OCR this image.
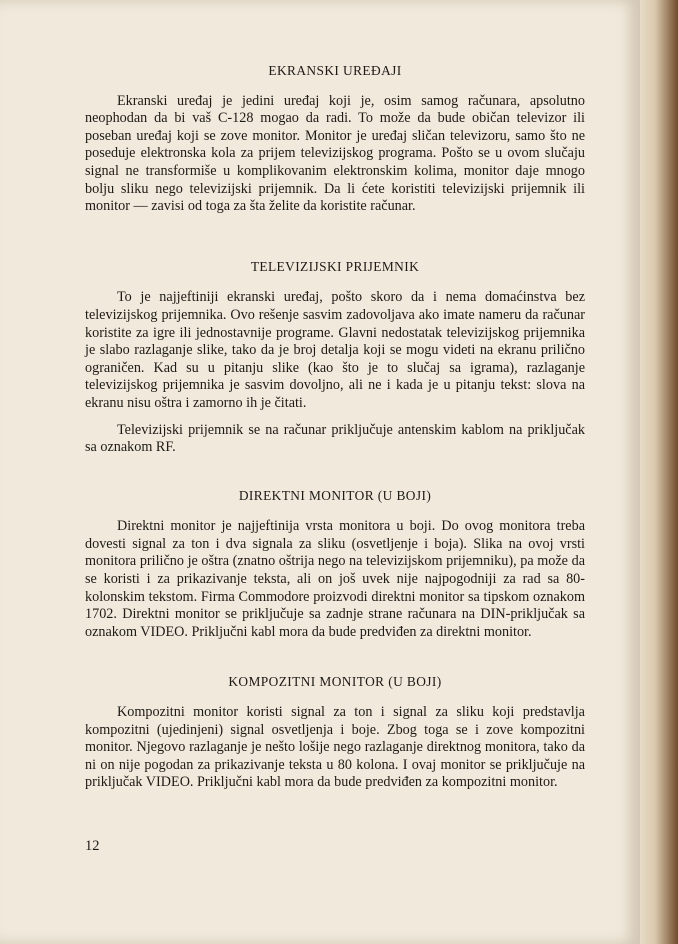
EKRANSKI UREĐAJI

Ekranski uređaj je jedini uređaj koji je, osim samog računara, apsolutno neophodan da bi vaš C-128 mogao da radi. To može da bude običan televizor ili poseban uređaj koji se zove monitor. Monitor je uređaj sličan televizoru, samo što ne poseduje elektronska kola za prijem televizijskog programa. Pošto se u ovom slučaju signal ne transformiše u komplikovanim elektronskim kolima, monitor daje mnogo bolju sliku nego televizijski prijemnik. Da li ćete koristiti televizijski prijemnik ili monitor — zavisi od toga za šta želite da koristite računar.

TELEVIZIJSKI PRIJEMNIK

To je najjeftiniji ekranski uređaj, pošto skoro da i nema domaćinstva bez televizijskog prijemnika. Ovo rešenje sasvim zadovoljava ako imate nameru da računar koristite za igre ili jednostavnije programe. Glavni nedostatak televizijskog prijemnika je slabo razlaganje slike, tako da je broj detalja koji se mogu videti na ekranu prilično ograničen. Kad su u pitanju slike (kao što je to slučaj sa igrama), razlaganje televizijskog prijemnika je sasvim dovoljno, ali ne i kada je u pitanju tekst: slova na ekranu nisu oštra i zamorno ih je čitati.

Televizijski prijemnik se na računar priključuje antenskim kablom na priključak sa oznakom RF.

DIREKTNI MONITOR (U BOJI)

Direktni monitor je najjeftinija vrsta monitora u boji. Do ovog monitora treba dovesti signal za ton i dva signala za sliku (osvetljenje i boja). Slika na ovoj vrsti monitora prilično je oštra (znatno oštrija nego na televizijskom prijemniku), pa može da se koristi i za prikazivanje teksta, ali on još uvek nije najpogodniji za rad sa 80-kolonskim tekstom. Firma Commodore proizvodi direktni monitor sa tipskom oznakom 1702. Direktni monitor se priključuje sa zadnje strane računara na DIN-priključak sa oznakom VIDEO. Priključni kabl mora da bude predviđen za direktni monitor.

KOMPOZITNI MONITOR (U BOJI)

Kompozitni monitor koristi signal za ton i signal za sliku koji predstavlja kompozitni (ujedinjeni) signal osvetljenja i boje. Zbog toga se i zove kompozitni monitor. Njegovo razlaganje je nešto lošije nego razlaganje direktnog monitora, tako da ni on nije pogodan za prikazivanje teksta u 80 kolona. I ovaj monitor se priključuje na priključak VIDEO. Priključni kabl mora da bude predviđen za kompozitni monitor.

12
